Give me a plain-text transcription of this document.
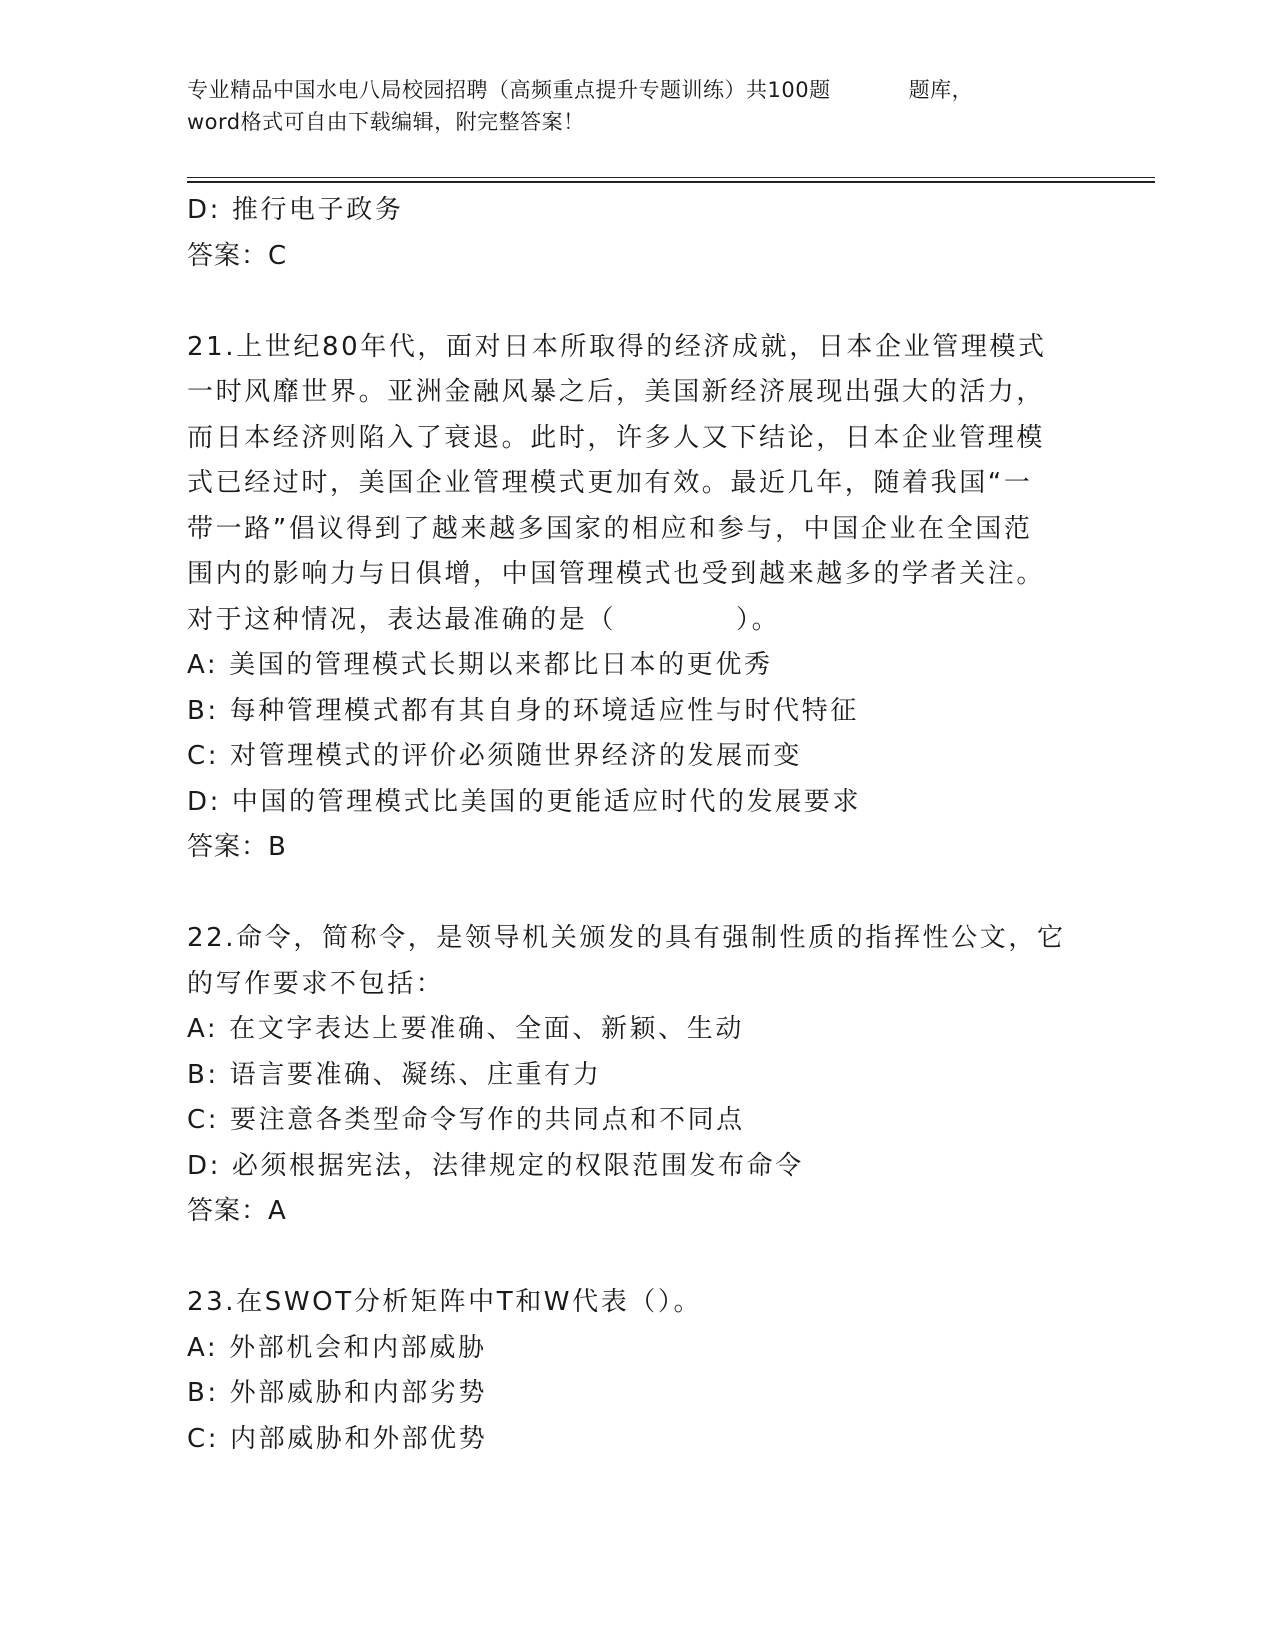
专业精品中国水电八局校园招聘（高频重点提升专题训练）共100题	题库，
word格式可自由下载编辑，附完整答案！
D: 推行电子政务
答案：C
21.上世纪80年代，面对日本所取得的经济成就，日本企业管理模式
一时风靡世界。亚洲金融风暴之后，美国新经济展现出强大的活力，
而日本经济则陷入了衰退。此时，许多人又下结论，日本企业管理模
式已经过时，美国企业管理模式更加有效。最近几年，随着我国“一
带一路”倡议得到了越来越多国家的相应和参与，中国企业在全国范
围内的影响力与日俱增，中国管理模式也受到越来越多的学者关注。
对于这种情况，表达最准确的是（	）。
A: 美国的管理模式长期以来都比日本的更优秀
B: 每种管理模式都有其自身的环境适应性与时代特征
C: 对管理模式的评价必须随世界经济的发展而变
D: 中国的管理模式比美国的更能适应时代的发展要求
答案：B
22.命令，简称令，是领导机关颁发的具有强制性质的指挥性公文，它
的写作要求不包括：
A: 在文字表达上要准确、全面、新颖、生动
B: 语言要准确、凝练、庄重有力
C: 要注意各类型命令写作的共同点和不同点
D: 必须根据宪法，法律规定的权限范围发布命令
答案：A
23.在SWOT分析矩阵中T和W代表（）。
A: 外部机会和内部威胁
B: 外部威胁和内部劣势
C: 内部威胁和外部优势
